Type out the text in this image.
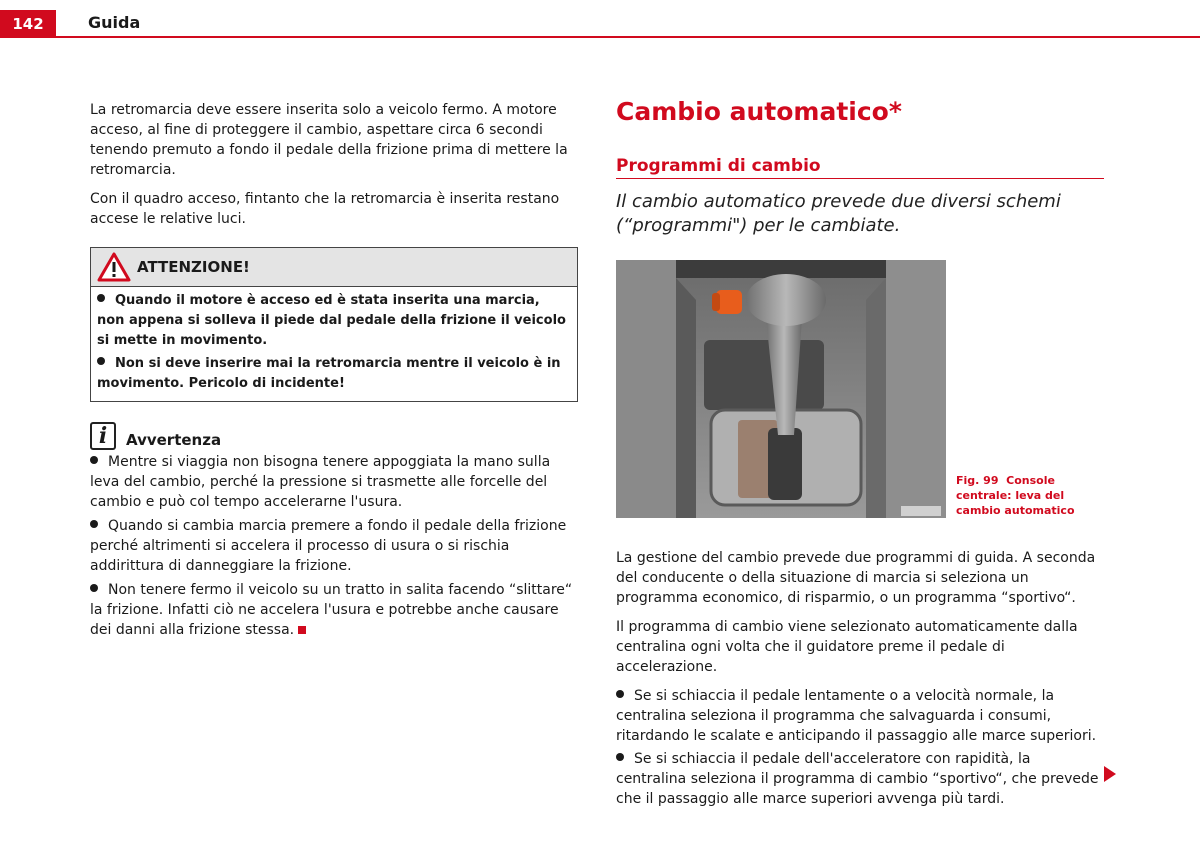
142	Guida

La retromarcia deve essere inserita solo a veicolo fermo. A motore acceso, al fine di proteggere il cambio, aspettare circa 6 secondi tenendo premuto a fondo il pedale della frizione prima di mettere la retromarcia.

Con il quadro acceso, fintanto che la retromarcia è inserita restano accese le relative luci.

ATTENZIONE!
Quando il motore è acceso ed è stata inserita una marcia, non appena si solleva il piede dal pedale della frizione il veicolo si mette in movimento.
Non si deve inserire mai la retromarcia mentre il veicolo è in movimento. Pericolo di incidente!
i	Avvertenza
Mentre si viaggia non bisogna tenere appoggiata la mano sulla leva del cambio, perché la pressione si trasmette alle forcelle del cambio e può col tempo accelerarne l'usura.
Quando si cambia marcia premere a fondo il pedale della frizione perché altrimenti si accelera il processo di usura o si rischia addirittura di danneggiare la frizione.
Non tenere fermo il veicolo su un tratto in salita facendo “slittare“ la frizione. Infatti ciò ne accelera l'usura e potrebbe anche causare dei danni alla frizione stessa.
Cambio automatico*
Programmi di cambio
Il cambio automatico prevede due diversi schemi (“programmi") per le cambiate.
Fig. 99 Console centrale: leva del cambio automatico

La gestione del cambio prevede due programmi di guida. A seconda del conducente o della situazione di marcia si seleziona un programma economico, di risparmio, o un programma “sportivo“.

Il programma di cambio viene selezionato automaticamente dalla centralina ogni volta che il guidatore preme il pedale di accelerazione.

Se si schiaccia il pedale lentamente o a velocità normale, la centralina seleziona il programma che salvaguarda i consumi, ritardando le scalate e anticipando il passaggio alle marce superiori.
Se si schiaccia il pedale dell'acceleratore con rapidità, la centralina seleziona il programma di cambio “sportivo“, che prevede che il passaggio alle marce superiori avvenga più tardi.
